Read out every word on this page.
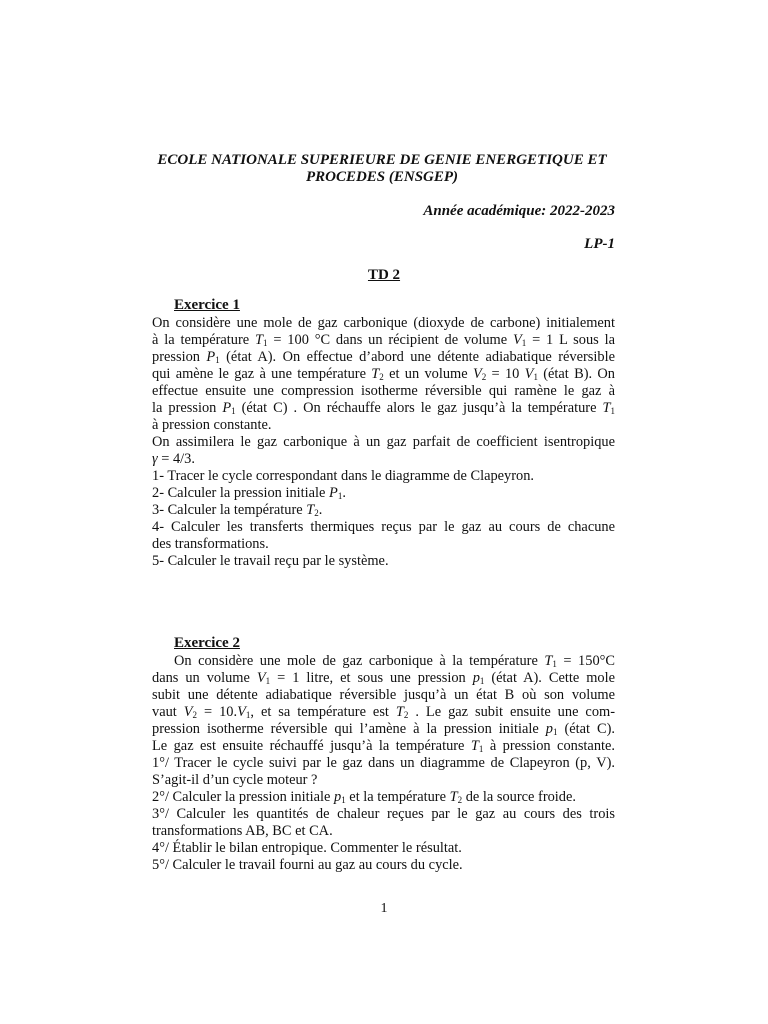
ECOLE NATIONALE SUPERIEURE DE GENIE ENERGETIQUE ET PROCEDES (ENSGEP)
Année académique: 2022-2023
LP-1
TD 2
Exercice 1
On considère une mole de gaz carbonique (dioxyde de carbone) initialement
à la température $T_1 = 100$ °C dans un récipient de volume $V_1 = 1$ L sous la
pression $P_1$ (état A). On effectue d’abord une détente adiabatique réversible
qui amène le gaz à une température $T_2$ et un volume $V_2 = 10$ $V_1$ (état B). On
effectue ensuite une compression isotherme réversible qui ramène le gaz à
la pression $P_1$ (état C) . On réchauffe alors le gaz jusqu’à la température $T_1$
à pression constante.
On assimilera le gaz carbonique à un gaz parfait de coefficient isentropique
γ = 4/3.
1- Tracer le cycle correspondant dans le diagramme de Clapeyron.
2- Calculer la pression initiale $P_1$.
3- Calculer la température $T_2$.
4- Calculer les transferts thermiques reçus par le gaz au cours de chacune
des transformations.
5- Calculer le travail reçu par le système.
Exercice 2
On considère une mole de gaz carbonique à la température $T_1 = 150^\circ C$
dans un volume $V_1 = 1$ litre, et sous une pression $p_1$ (état A). Cette mole
subit une détente adiabatique réversible jusqu’à un état B où son volume
vaut $V_2 = 10.V_1$, et sa température est $T_2$ . Le gaz subit ensuite une com-
pression isotherme réversible qui l’amène à la pression initiale $p_1$ (état C).
Le gaz est ensuite réchauffé jusqu’à la température $T_1$ à pression constante.
1°/ Tracer le cycle suivi par le gaz dans un diagramme de Clapeyron (p, V).
S’agit-il d’un cycle moteur ?
2°/ Calculer la pression initiale $p_1$ et la température $T_2$ de la source froide.
3°/ Calculer les quantités de chaleur reçues par le gaz au cours des trois
transformations AB, BC et CA.
4°/ Établir le bilan entropique. Commenter le résultat.
5°/ Calculer le travail fourni au gaz au cours du cycle.
1
